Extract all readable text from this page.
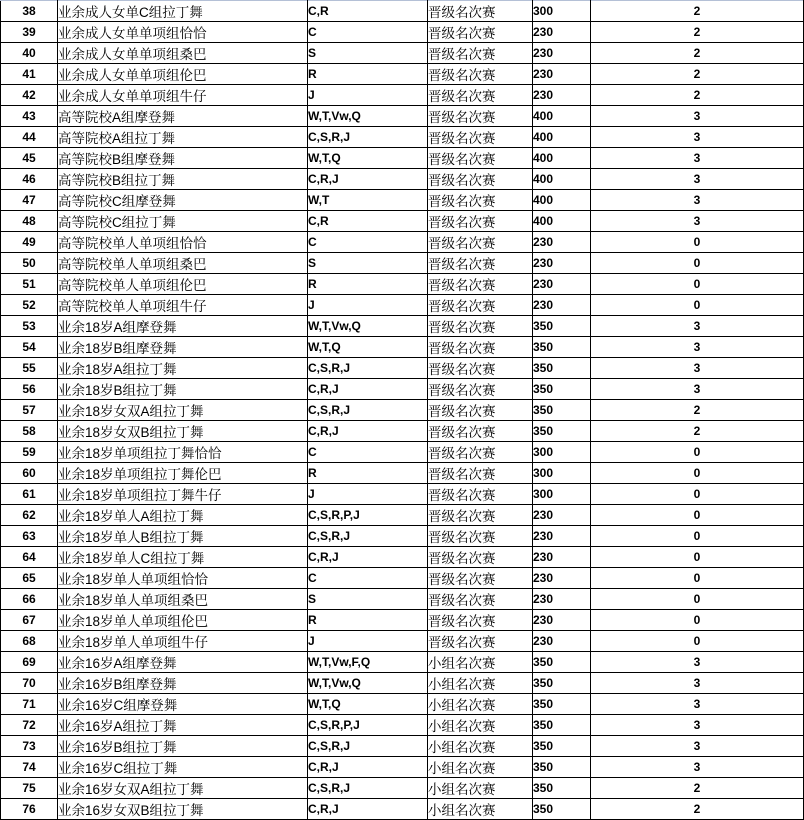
38	业余成人女单C组拉丁舞	C,R	晋级名次赛	300	2
39	业余成人女单单项组恰恰	C	晋级名次赛	230	2
40	业余成人女单单项组桑巴	S	晋级名次赛	230	2
41	业余成人女单单项组伦巴	R	晋级名次赛	230	2
42	业余成人女单单项组牛仔	J	晋级名次赛	230	2
43	高等院校A组摩登舞	W,T,Vw,Q	晋级名次赛	400	3
44	高等院校A组拉丁舞	C,S,R,J	晋级名次赛	400	3
45	高等院校B组摩登舞	W,T,Q	晋级名次赛	400	3
46	高等院校B组拉丁舞	C,R,J	晋级名次赛	400	3
47	高等院校C组摩登舞	W,T	晋级名次赛	400	3
48	高等院校C组拉丁舞	C,R	晋级名次赛	400	3
49	高等院校单人单项组恰恰	C	晋级名次赛	230	0
50	高等院校单人单项组桑巴	S	晋级名次赛	230	0
51	高等院校单人单项组伦巴	R	晋级名次赛	230	0
52	高等院校单人单项组牛仔	J	晋级名次赛	230	0
53	业余18岁A组摩登舞	W,T,Vw,Q	晋级名次赛	350	3
54	业余18岁B组摩登舞	W,T,Q	晋级名次赛	350	3
55	业余18岁A组拉丁舞	C,S,R,J	晋级名次赛	350	3
56	业余18岁B组拉丁舞	C,R,J	晋级名次赛	350	3
57	业余18岁女双A组拉丁舞	C,S,R,J	晋级名次赛	350	2
58	业余18岁女双B组拉丁舞	C,R,J	晋级名次赛	350	2
59	业余18岁单项组拉丁舞恰恰	C	晋级名次赛	300	0
60	业余18岁单项组拉丁舞伦巴	R	晋级名次赛	300	0
61	业余18岁单项组拉丁舞牛仔	J	晋级名次赛	300	0
62	业余18岁单人A组拉丁舞	C,S,R,P,J	晋级名次赛	230	0
63	业余18岁单人B组拉丁舞	C,S,R,J	晋级名次赛	230	0
64	业余18岁单人C组拉丁舞	C,R,J	晋级名次赛	230	0
65	业余18岁单人单项组恰恰	C	晋级名次赛	230	0
66	业余18岁单人单项组桑巴	S	晋级名次赛	230	0
67	业余18岁单人单项组伦巴	R	晋级名次赛	230	0
68	业余18岁单人单项组牛仔	J	晋级名次赛	230	0
69	业余16岁A组摩登舞	W,T,Vw,F,Q	小组名次赛	350	3
70	业余16岁B组摩登舞	W,T,Vw,Q	小组名次赛	350	3
71	业余16岁C组摩登舞	W,T,Q	小组名次赛	350	3
72	业余16岁A组拉丁舞	C,S,R,P,J	小组名次赛	350	3
73	业余16岁B组拉丁舞	C,S,R,J	小组名次赛	350	3
74	业余16岁C组拉丁舞	C,R,J	小组名次赛	350	3
75	业余16岁女双A组拉丁舞	C,S,R,J	小组名次赛	350	2
76	业余16岁女双B组拉丁舞	C,R,J	小组名次赛	350	2
